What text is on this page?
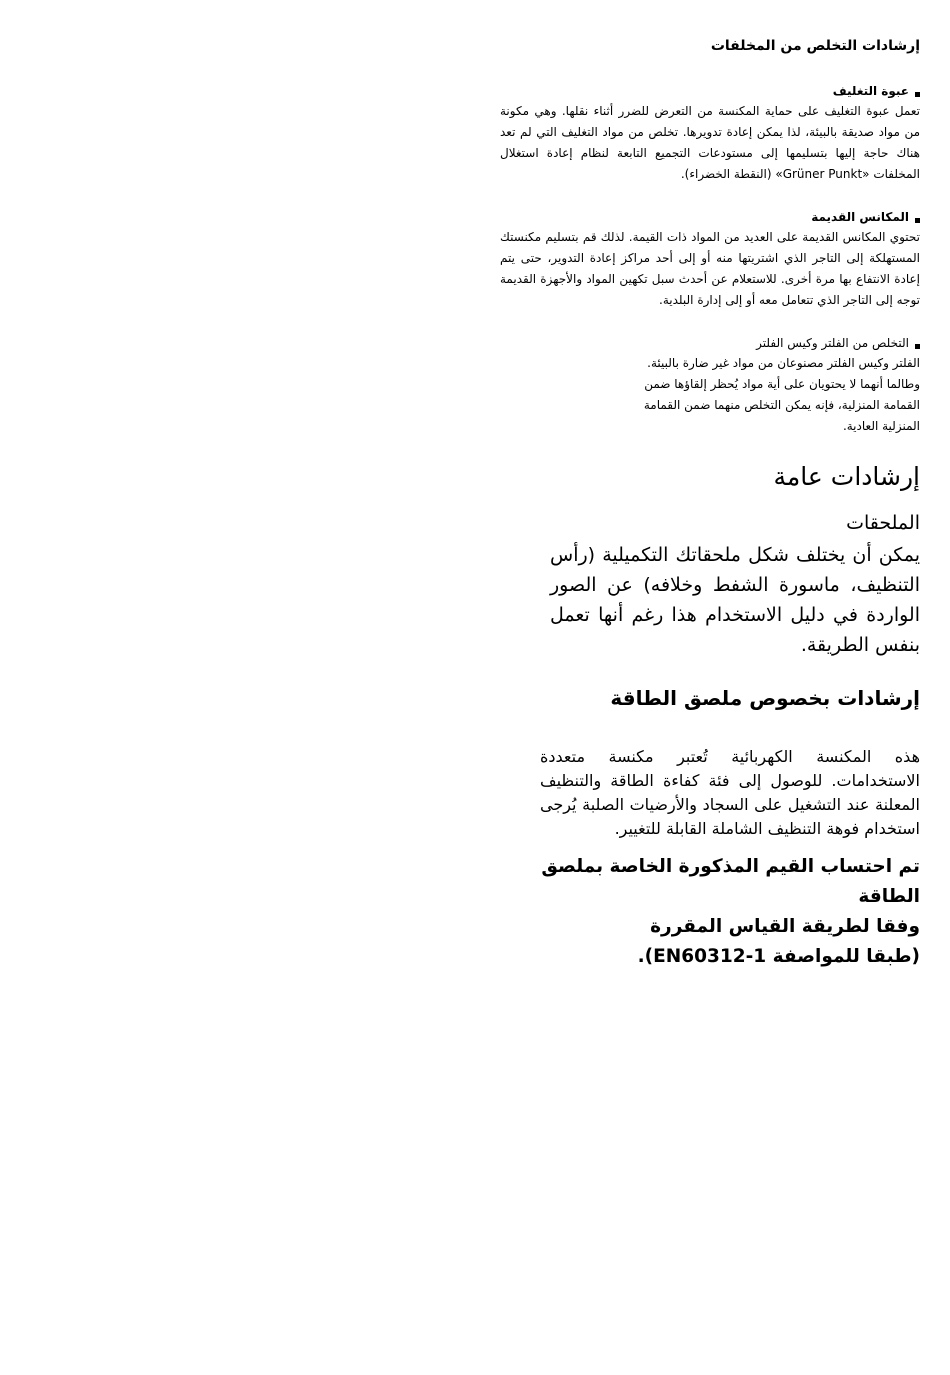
إرشادات التخلص من المخلفات
عبوة التغليف
تعمل عبوة التغليف على حماية المكنسة من التعرض للضرر أثناء نقلها. وهي مكونة من مواد صديقة بالبيئة، لذا يمكن إعادة تدويرها. تخلص من مواد التغليف التي لم تعد هناك حاجة إليها بتسليمها إلى مستودعات التجميع التابعة لنظام إعادة استغلال المخلفات «Grüner Punkt» (النقطة الخضراء).
المكانس القديمة
تحتوي المكانس القديمة على العديد من المواد ذات القيمة. لذلك قم بتسليم مكنستك المستهلكة إلى التاجر الذي اشتريتها منه أو إلى أحد مراكز إعادة التدوير، حتى يتم إعادة الانتفاع بها مرة أخرى. للاستعلام عن أحدث سبل تكهين المواد والأجهزة القديمة توجه إلى التاجر الذي تتعامل معه أو إلى إدارة البلدية.
التخلص من الفلتر وكيس الفلتر
الفلتر وكيس الفلتر مصنوعان من مواد غير ضارة بالبيئة. وطالما أنهما لا يحتويان على أية مواد يُحظر إلقاؤها ضمن القمامة المنزلية، فإنه يمكن التخلص منهما ضمن القمامة المنزلية العادية.
إرشادات عامة
الملحقات
يمكن أن يختلف شكل ملحقاتك التكميلية (رأس التنظيف، ماسورة الشفط وخلافه) عن الصور الواردة في دليل الاستخدام هذا رغم أنها تعمل بنفس الطريقة.
إرشادات بخصوص ملصق الطاقة
هذه المكنسة الكهربائية تُعتبر مكنسة متعددة الاستخدامات. للوصول إلى فئة كفاءة الطاقة والتنظيف المعلنة عند التشغيل على السجاد والأرضيات الصلبة يُرجى استخدام فوهة التنظيف الشاملة القابلة للتغيير.
تم احتساب القيم المذكورة الخاصة بملصق الطاقة
وفقا لطريقة القياس المقررة
(طبقا للمواصفة EN60312-1).
